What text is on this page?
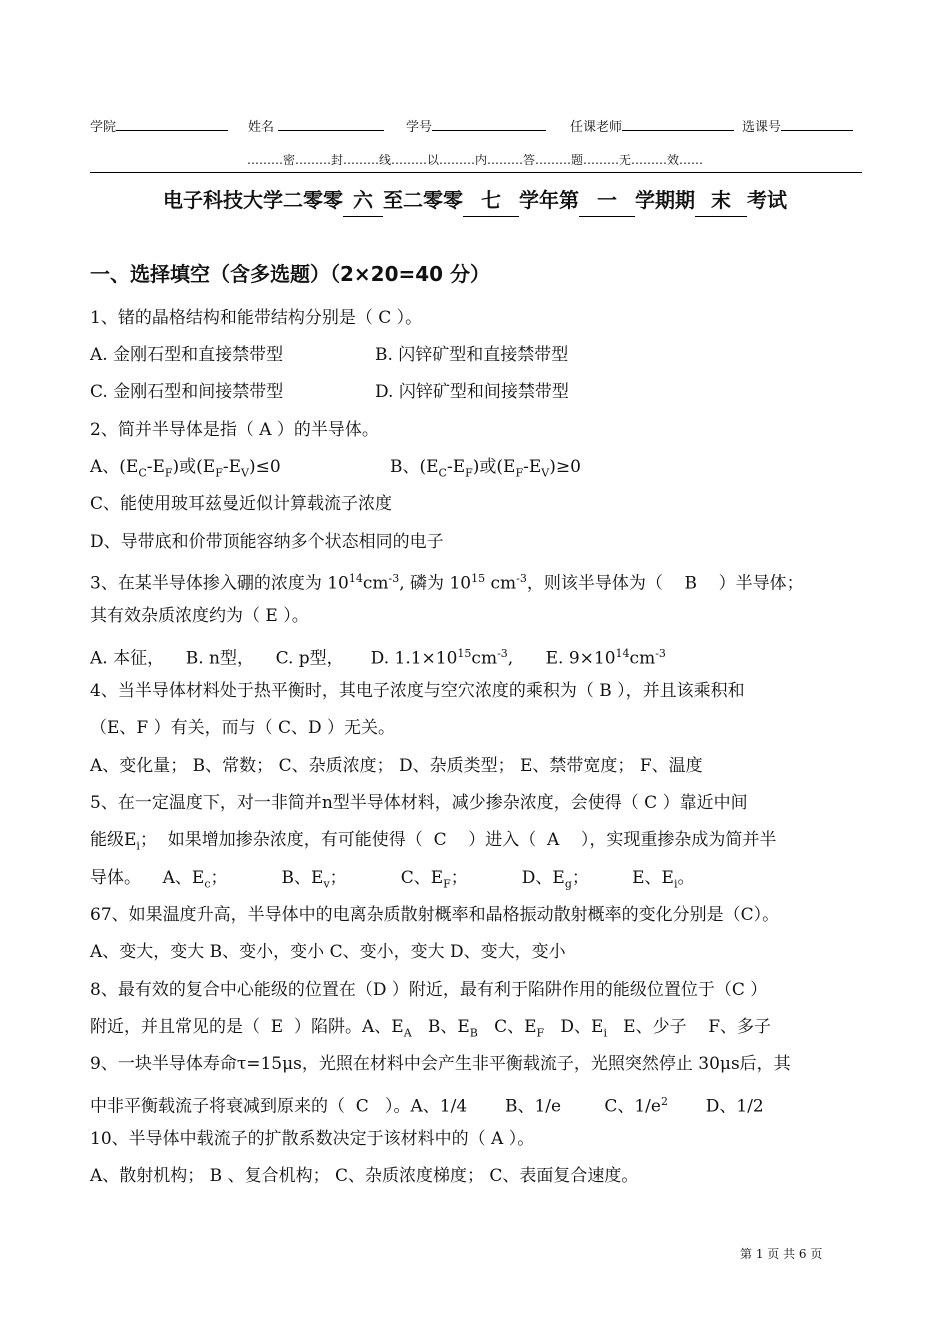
学院	姓名	学号	任课老师	选课号
………密………封………线………以………内………答………题………无………效……
电子科技大学二零零 六 至二零零 七 学年第 一 学期期 末 考试
一、选择填空（含多选题）（2×20=40 分）
1、锗的晶格结构和能带结构分别是（ C ）。
A. 金刚石型和直接禁带型	B. 闪锌矿型和直接禁带型
C. 金刚石型和间接禁带型	D. 闪锌矿型和间接禁带型
2、简并半导体是指（ A ）的半导体。
A、$(E_C-E_F)$或$(E_F-E_V)\le 0$	B、$(E_C-E_F)$或$(E_F-E_V)\ge 0$
C、能使用玻耳兹曼近似计算载流子浓度
D、导带底和价带顶能容纳多个状态相同的电子
3、在某半导体掺入硼的浓度为 $10^{14}cm^{-3}$, 磷为 $10^{15}$ $cm^{-3}$，则该半导体为（    B    ）半导体；
其有效杂质浓度约为（ E ）。
A. 本征，    B. n型，    C. p型，     D. $1.1\times 10^{15}cm^{-3}$,      E. $9\times 10^{14}cm^{-3}$
4、当半导体材料处于热平衡时，其电子浓度与空穴浓度的乘积为（ B ），并且该乘积和
（E、F ）有关，而与（ C、D ）无关。
A、变化量； B、常数； C、杂质浓度； D、杂质类型； E、禁带宽度； F、温度
5、在一定温度下，对一非简并n型半导体材料，减少掺杂浓度，会使得（ C ）靠近中间
能级$E_i$；  如果增加掺杂浓度，有可能使得（  C    ）进入（  A    ），实现重掺杂成为简并半
导体。    A、$E_c$；          B、$E_v$；          C、$E_F$；          D、$E_g$；        E、$E_i$。
67、如果温度升高，半导体中的电离杂质散射概率和晶格振动散射概率的变化分别是（C）。
A、变大，变大 B、变小，变小 C、变小，变大 D、变大，变小
8、最有效的复合中心能级的位置在（D ）附近，最有利于陷阱作用的能级位置位于（C ）
附近，并且常见的是（  E  ）陷阱。A、$E_A$   B、$E_B$   C、$E_F$   D、$E_i$   E、少子    F、多子
9、一块半导体寿命τ=15μs，光照在材料中会产生非平衡载流子，光照突然停止 30μs后，其
中非平衡载流子将衰减到原来的（  C   ）。A、1/4       B、1/e        C、$1/e^2$       D、1/2
10、半导体中载流子的扩散系数决定于该材料中的（ A ）。
A、散射机构； B 、复合机构； C、杂质浓度梯度； C、表面复合速度。
第 1 页 共 6 页
